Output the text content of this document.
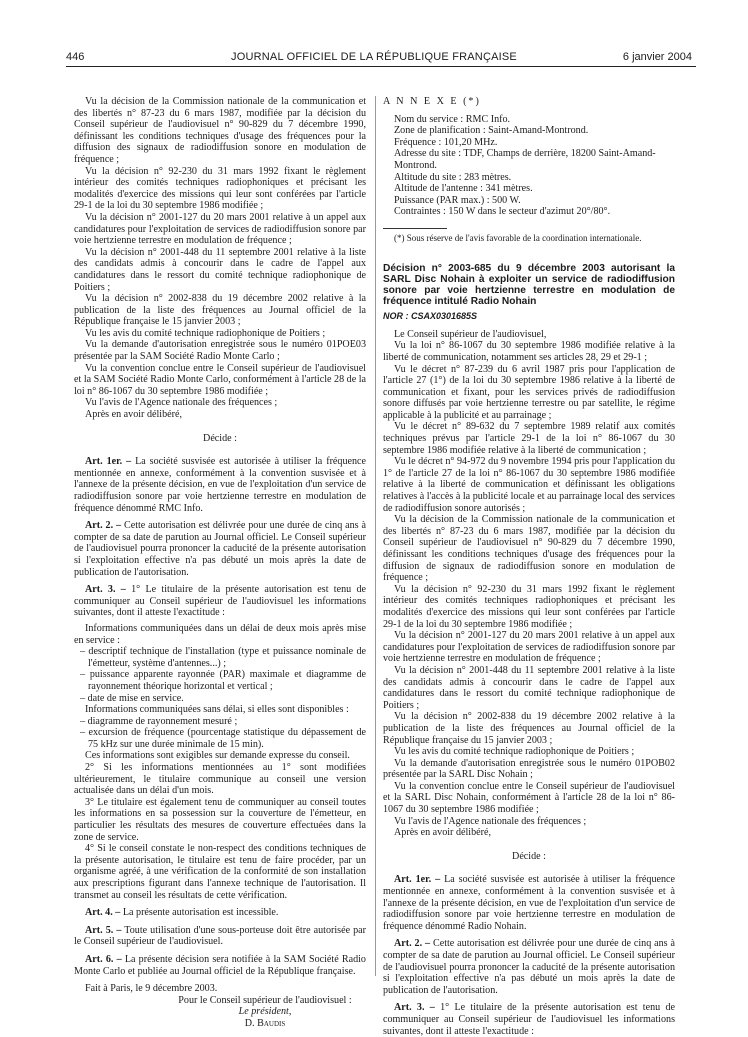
446	JOURNAL OFFICIEL DE LA RÉPUBLIQUE FRANÇAISE	6 janvier 2004

Vu la décision de la Commission nationale de la communication et des libertés n° 87-23 du 6 mars 1987, modifiée par la décision du Conseil supérieur de l'audiovisuel n° 90-829 du 7 décembre 1990, définissant les conditions techniques d'usage des fréquences pour la diffusion des signaux de radiodiffusion sonore en modulation de fréquence ;

Vu la décision n° 92-230 du 31 mars 1992 fixant le règlement intérieur des comités techniques radiophoniques et précisant les modalités d'exercice des missions qui leur sont conférées par l'article 29-1 de la loi du 30 septembre 1986 modifiée ;

Vu la décision n° 2001-127 du 20 mars 2001 relative à un appel aux candidatures pour l'exploitation de services de radiodiffusion sonore par voie hertzienne terrestre en modulation de fréquence ;

Vu la décision n° 2001-448 du 11 septembre 2001 relative à la liste des candidats admis à concourir dans le cadre de l'appel aux candidatures dans le ressort du comité technique radiophonique de Poitiers ;

Vu la décision n° 2002-838 du 19 décembre 2002 relative à la publication de la liste des fréquences au Journal officiel de la République française le 15 janvier 2003 ;

Vu les avis du comité technique radiophonique de Poitiers ;

Vu la demande d'autorisation enregistrée sous le numéro 01POE03 présentée par la SAM Société Radio Monte Carlo ;

Vu la convention conclue entre le Conseil supérieur de l'audiovisuel et la SAM Société Radio Monte Carlo, conformément à l'article 28 de la loi n° 86-1067 du 30 septembre 1986 modifiée ;

Vu l'avis de l'Agence nationale des fréquences ;

Après en avoir délibéré,

Décide :

Art. 1er. – La société susvisée est autorisée à utiliser la fréquence mentionnée en annexe, conformément à la convention susvisée et à l'annexe de la présente décision, en vue de l'exploitation d'un service de radiodiffusion sonore par voie hertzienne terrestre en modulation de fréquence dénommé RMC Info.

Art. 2. – Cette autorisation est délivrée pour une durée de cinq ans à compter de sa date de parution au Journal officiel. Le Conseil supérieur de l'audiovisuel pourra prononcer la caducité de la présente autorisation si l'exploitation effective n'a pas débuté un mois après la date de publication de l'autorisation.

Art. 3. – 1° Le titulaire de la présente autorisation est tenu de communiquer au Conseil supérieur de l'audiovisuel les informations suivantes, dont il atteste l'exactitude :

Informations communiquées dans un délai de deux mois après mise en service :

– descriptif technique de l'installation (type et puissance nominale de l'émetteur, système d'antennes...) ;
– puissance apparente rayonnée (PAR) maximale et diagramme de rayonnement théorique horizontal et vertical ;
– date de mise en service.

Informations communiquées sans délai, si elles sont disponibles :

– diagramme de rayonnement mesuré ;
– excursion de fréquence (pourcentage statistique du dépassement de 75 kHz sur une durée minimale de 15 min).

Ces informations sont exigibles sur demande expresse du conseil.

2° Si les informations mentionnées au 1° sont modifiées ultérieurement, le titulaire communique au conseil une version actualisée dans un délai d'un mois.

3° Le titulaire est également tenu de communiquer au conseil toutes les informations en sa possession sur la couverture de l'émetteur, en particulier les résultats des mesures de couverture effectuées dans la zone de service.

4° Si le conseil constate le non-respect des conditions techniques de la présente autorisation, le titulaire est tenu de faire procéder, par un organisme agréé, à une vérification de la conformité de son installation aux prescriptions figurant dans l'annexe technique de l'autorisation. Il transmet au conseil les résultats de cette vérification.

Art. 4. – La présente autorisation est incessible.

Art. 5. – Toute utilisation d'une sous-porteuse doit être autorisée par le Conseil supérieur de l'audiovisuel.

Art. 6. – La présente décision sera notifiée à la SAM Société Radio Monte Carlo et publiée au Journal officiel de la République française.

Fait à Paris, le 9 décembre 2003.

Pour le Conseil supérieur de l'audiovisuel :
Le président,
D. Baudis

A N N E X E (*)

Nom du service : RMC Info.

Zone de planification : Saint-Amand-Montrond.

Fréquence : 101,20 MHz.

Adresse du site : TDF, Champs de derrière, 18200 Saint-Amand-Montrond.

Altitude du site : 283 mètres.

Altitude de l'antenne : 341 mètres.

Puissance (PAR max.) : 500 W.

Contraintes : 150 W dans le secteur d'azimut 20°/80°.

(*) Sous réserve de l'avis favorable de la coordination internationale.

Décision n° 2003-685 du 9 décembre 2003 autorisant la SARL Disc Nohain à exploiter un service de radiodiffusion sonore par voie hertzienne terrestre en modulation de fréquence intitulé Radio Nohain

NOR : CSAX0301685S

Le Conseil supérieur de l'audiovisuel,

Vu la loi n° 86-1067 du 30 septembre 1986 modifiée relative à la liberté de communication, notamment ses articles 28, 29 et 29-1 ;

Vu le décret n° 87-239 du 6 avril 1987 pris pour l'application de l'article 27 (1°) de la loi du 30 septembre 1986 relative à la liberté de communication et fixant, pour les services privés de radiodiffusion sonore diffusés par voie hertzienne terrestre ou par satellite, le régime applicable à la publicité et au parrainage ;

Vu le décret n° 89-632 du 7 septembre 1989 relatif aux comités techniques prévus par l'article 29-1 de la loi n° 86-1067 du 30 septembre 1986 modifiée relative à la liberté de communication ;

Vu le décret n° 94-972 du 9 novembre 1994 pris pour l'application du 1° de l'article 27 de la loi n° 86-1067 du 30 septembre 1986 modifiée relative à la liberté de communication et définissant les obligations relatives à l'accès à la publicité locale et au parrainage local des services de radiodiffusion sonore autorisés ;

Vu la décision de la Commission nationale de la communication et des libertés n° 87-23 du 6 mars 1987, modifiée par la décision du Conseil supérieur de l'audiovisuel n° 90-829 du 7 décembre 1990, définissant les conditions techniques d'usage des fréquences pour la diffusion de signaux de radiodiffusion sonore en modulation de fréquence ;

Vu la décision n° 92-230 du 31 mars 1992 fixant le règlement intérieur des comités techniques radiophoniques et précisant les modalités d'exercice des missions qui leur sont conférées par l'article 29-1 de la loi du 30 septembre 1986 modifiée ;

Vu la décision n° 2001-127 du 20 mars 2001 relative à un appel aux candidatures pour l'exploitation de services de radiodiffusion sonore par voie hertzienne terrestre en modulation de fréquence ;

Vu la décision n° 2001-448 du 11 septembre 2001 relative à la liste des candidats admis à concourir dans le cadre de l'appel aux candidatures dans le ressort du comité technique radiophonique de Poitiers ;

Vu la décision n° 2002-838 du 19 décembre 2002 relative à la publication de la liste des fréquences au Journal officiel de la République française du 15 janvier 2003 ;

Vu les avis du comité technique radiophonique de Poitiers ;

Vu la demande d'autorisation enregistrée sous le numéro 01POB02 présentée par la SARL Disc Nohain ;

Vu la convention conclue entre le Conseil supérieur de l'audiovisuel et la SARL Disc Nohain, conformément à l'article 28 de la loi n° 86-1067 du 30 septembre 1986 modifiée ;

Vu l'avis de l'Agence nationale des fréquences ;

Après en avoir délibéré,

Décide :

Art. 1er. – La société susvisée est autorisée à utiliser la fréquence mentionnée en annexe, conformément à la convention susvisée et à l'annexe de la présente décision, en vue de l'exploitation d'un service de radiodiffusion sonore par voie hertzienne terrestre en modulation de fréquence dénommé Radio Nohain.

Art. 2. – Cette autorisation est délivrée pour une durée de cinq ans à compter de sa date de parution au Journal officiel. Le Conseil supérieur de l'audiovisuel pourra prononcer la caducité de la présente autorisation si l'exploitation effective n'a pas débuté un mois après la date de publication de l'autorisation.

Art. 3. – 1° Le titulaire de la présente autorisation est tenu de communiquer au Conseil supérieur de l'audiovisuel les informations suivantes, dont il atteste l'exactitude :
